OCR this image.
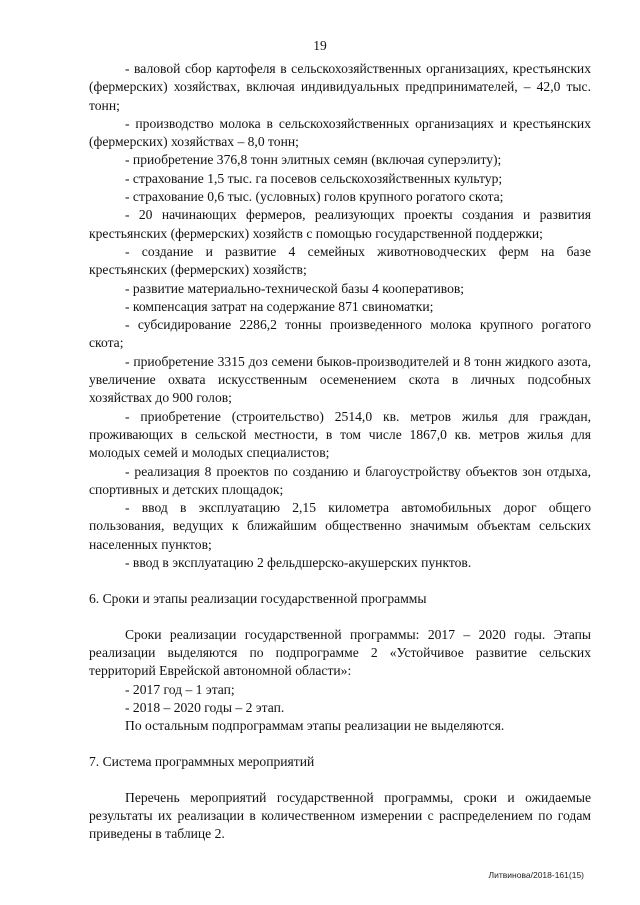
19

- валовой сбор картофеля в сельскохозяйственных организациях, крестьянских (фермерских) хозяйствах, включая индивидуальных предпринимателей, – 42,0 тыс. тонн;

- производство молока в сельскохозяйственных организациях и крестьянских (фермерских) хозяйствах – 8,0 тонн;

- приобретение 376,8 тонн элитных семян (включая суперэлиту);

- страхование 1,5 тыс. га посевов сельскохозяйственных культур;

- страхование 0,6 тыс. (условных) голов крупного рогатого скота;

- 20 начинающих фермеров, реализующих проекты создания и развития крестьянских (фермерских) хозяйств с помощью государственной поддержки;

- создание и развитие 4 семейных животноводческих ферм на базе крестьянских (фермерских) хозяйств;

- развитие материально-технической базы 4 кооперативов;

- компенсация затрат на содержание 871 свиноматки;

- субсидирование 2286,2 тонны произведенного молока крупного рогатого скота;

- приобретение 3315 доз семени быков-производителей и 8 тонн жидкого азота, увеличение охвата искусственным осеменением скота в личных подсобных хозяйствах до 900 голов;

- приобретение (строительство) 2514,0 кв. метров жилья для граждан, проживающих в сельской местности, в том числе 1867,0 кв. метров жилья для молодых семей и молодых специалистов;

- реализация 8 проектов по созданию и благоустройству объектов зон отдыха, спортивных и детских площадок;

- ввод в эксплуатацию 2,15 километра автомобильных дорог общего пользования, ведущих к ближайшим общественно значимым объектам сельских населенных пунктов;

- ввод в эксплуатацию 2 фельдшерско-акушерских пунктов.

6. Сроки и этапы реализации государственной программы

Сроки реализации государственной программы: 2017 – 2020 годы. Этапы реализации выделяются по подпрограмме 2 «Устойчивое развитие сельских территорий Еврейской автономной области»:

- 2017 год – 1 этап;

- 2018 – 2020 годы – 2 этап.

По остальным подпрограммам этапы реализации не выделяются.

7. Система программных мероприятий

Перечень мероприятий государственной программы, сроки и ожидаемые результаты их реализации в количественном измерении с распределением по годам приведены в таблице 2.

Литвинова/2018-161(15)
